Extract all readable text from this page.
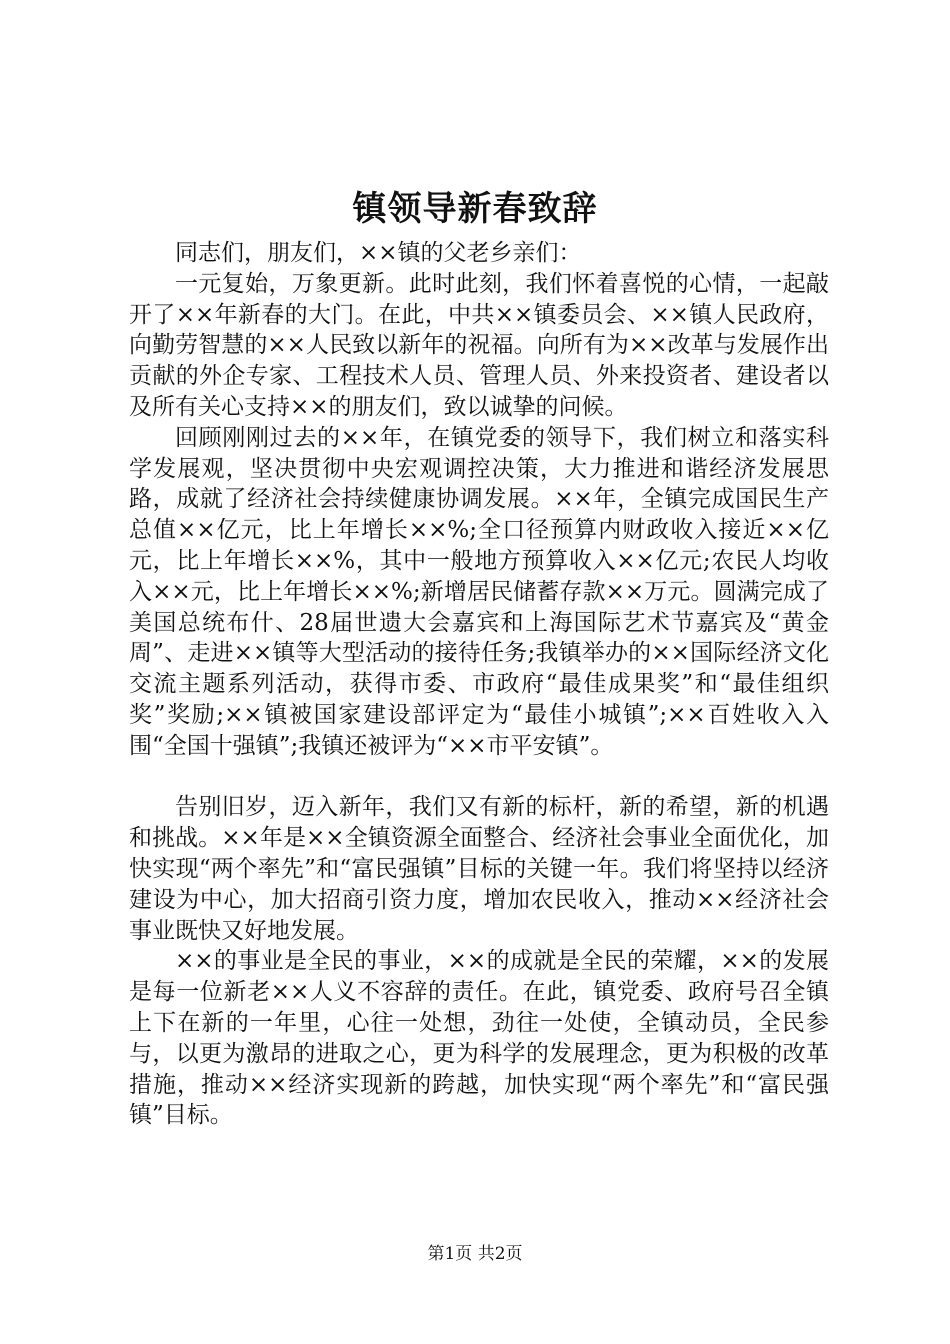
镇领导新春致辞

同志们，朋友们，××镇的父老乡亲们：

一元复始，万象更新。此时此刻，我们怀着喜悦的心情，一起敲开了××年新春的大门。在此，中共××镇委员会、××镇人民政府，向勤劳智慧的××人民致以新年的祝福。向所有为××改革与发展作出贡献的外企专家、工程技术人员、管理人员、外来投资者、建设者以及所有关心支持××的朋友们，致以诚挚的问候。

回顾刚刚过去的××年，在镇党委的领导下，我们树立和落实科学发展观，坚决贯彻中央宏观调控决策，大力推进和谐经济发展思路，成就了经济社会持续健康协调发展。××年，全镇完成国民生产总值××亿元，比上年增长××%;全口径预算内财政收入接近××亿元，比上年增长××%，其中一般地方预算收入××亿元;农民人均收入××元，比上年增长××%;新增居民储蓄存款××万元。圆满完成了美国总统布什、28届世遗大会嘉宾和上海国际艺术节嘉宾及“黄金周”、走进××镇等大型活动的接待任务;我镇举办的××国际经济文化交流主题系列活动，获得市委、市政府“最佳成果奖”和“最佳组织奖”奖励;××镇被国家建设部评定为“最佳小城镇”;××百姓收入入围“全国十强镇”;我镇还被评为“××市平安镇”。

告别旧岁，迈入新年，我们又有新的标杆，新的希望，新的机遇和挑战。××年是××全镇资源全面整合、经济社会事业全面优化，加快实现“两个率先”和“富民强镇”目标的关键一年。我们将坚持以经济建设为中心，加大招商引资力度，增加农民收入，推动××经济社会事业既快又好地发展。

××的事业是全民的事业，××的成就是全民的荣耀，××的发展是每一位新老××人义不容辞的责任。在此，镇党委、政府号召全镇上下在新的一年里，心往一处想，劲往一处使，全镇动员，全民参与，以更为激昂的进取之心，更为科学的发展理念，更为积极的改革措施，推动××经济实现新的跨越，加快实现“两个率先”和“富民强镇”目标。

第1页 共2页
